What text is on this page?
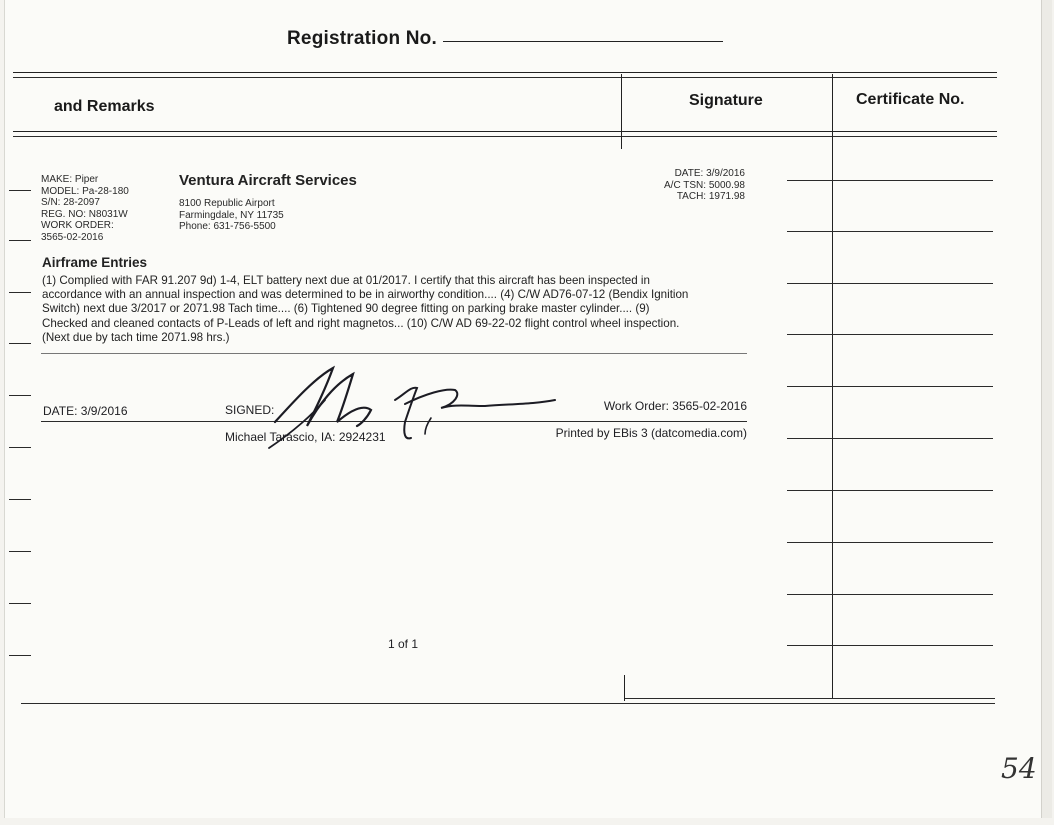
Registration No.
and Remarks	Signature	Certificate No.
MAKE: Piper
MODEL: Pa-28-180
S/N: 28-2097
REG. NO: N8031W
WORK ORDER:
3565-02-2016
Ventura Aircraft Services
8100 Republic Airport
Farmingdale, NY 11735
Phone: 631-756-5500
DATE: 3/9/2016
A/C TSN: 5000.98
TACH: 1971.98
Airframe Entries
(1) Complied with FAR 91.207 9d) 1-4, ELT battery next due at 01/2017. I certify that this aircraft has been inspected in
accordance with an annual inspection and was determined to be in airworthy condition.... (4) C/W AD76-07-12 (Bendix Ignition
Switch) next due 3/2017 or 2071.98 Tach time.... (6) Tightened 90 degree fitting on parking brake master cylinder.... (9)
Checked and cleaned contacts of P-Leads of left and right magnetos... (10) C/W AD 69-22-02 flight control wheel inspection.
(Next due by tach time 2071.98 hrs.)
DATE: 3/9/2016	SIGNED:	Work Order: 3565-02-2016
Michael Tarascio, IA: 2924231	Printed by EBis 3 (datcomedia.com)
1 of 1
54
